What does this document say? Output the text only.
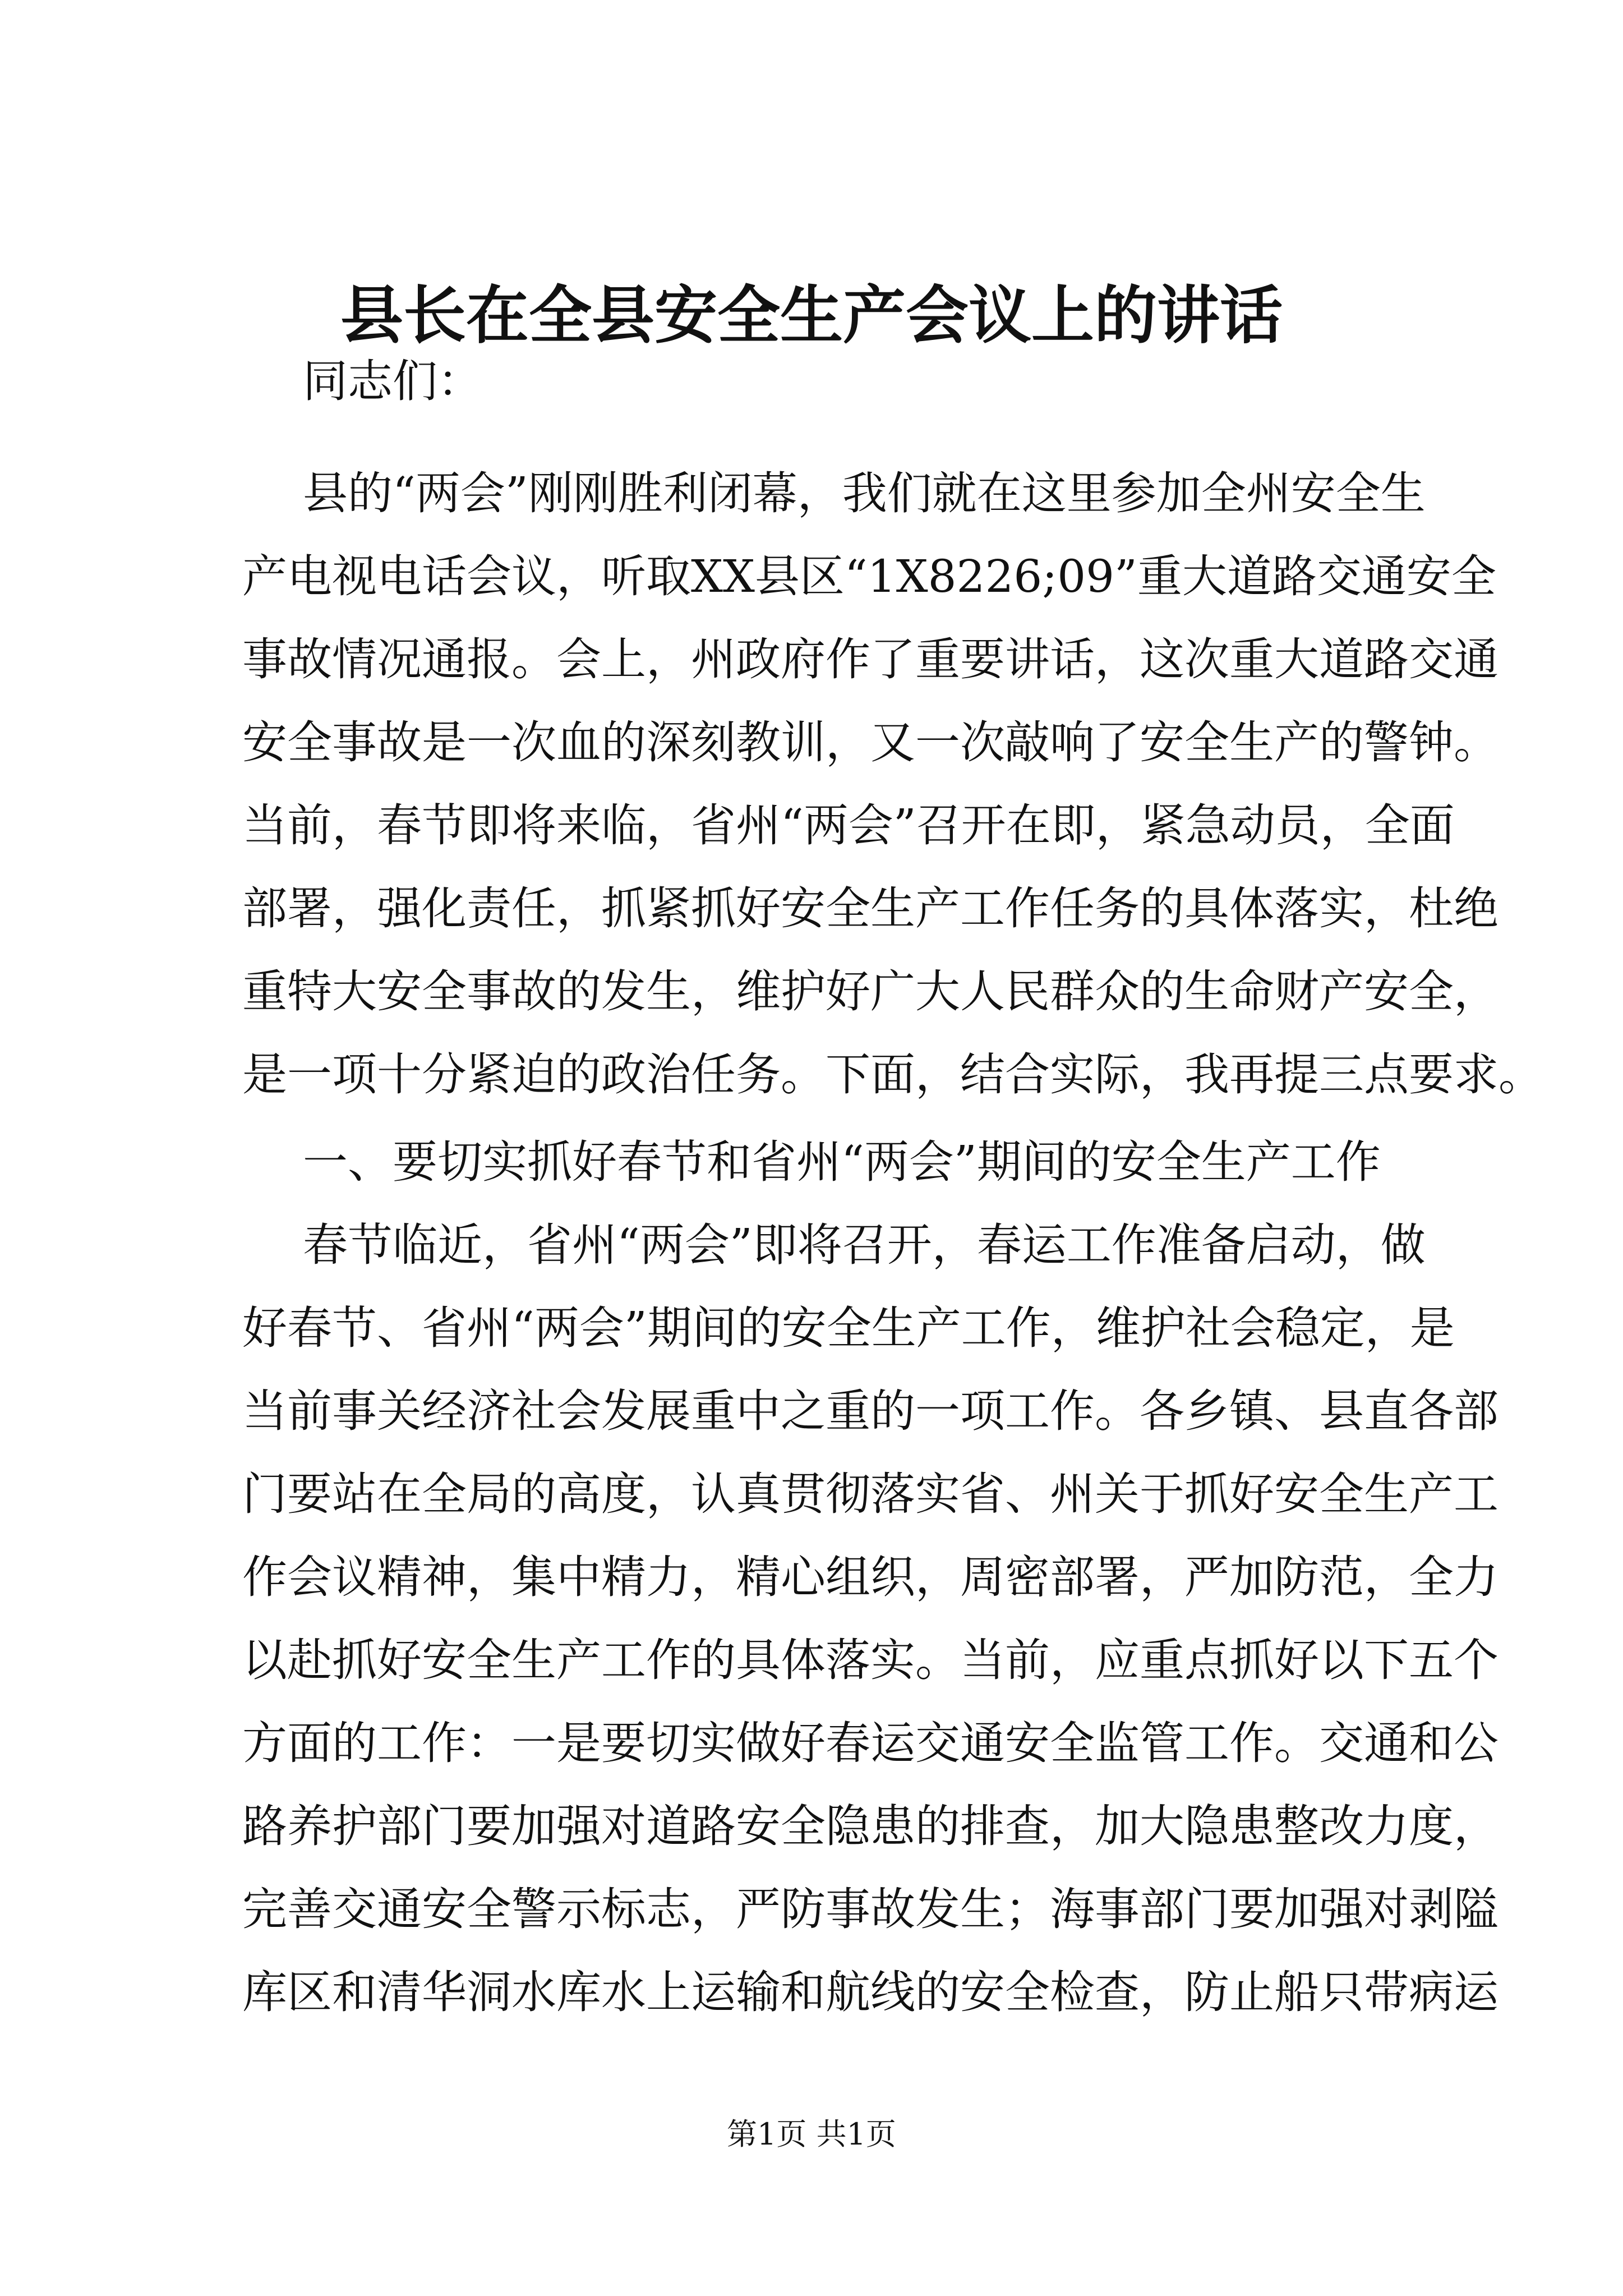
县长在全县安全生产会议上的讲话

同志们：

县的“两会”刚刚胜利闭幕，我们就在这里参加全州安全生

产电视电话会议，听取XX县区“1X8226;09”重大道路交通安全

事故情况通报。会上，州政府作了重要讲话，这次重大道路交通

安全事故是一次血的深刻教训，又一次敲响了安全生产的警钟。

当前，春节即将来临，省州“两会”召开在即，紧急动员，全面

部署，强化责任，抓紧抓好安全生产工作任务的具体落实，杜绝

重特大安全事故的发生，维护好广大人民群众的生命财产安全，

是一项十分紧迫的政治任务。下面，结合实际，我再提三点要求。

一、要切实抓好春节和省州“两会”期间的安全生产工作

春节临近，省州“两会”即将召开，春运工作准备启动，做

好春节、省州“两会”期间的安全生产工作，维护社会稳定，是

当前事关经济社会发展重中之重的一项工作。各乡镇、县直各部

门要站在全局的高度，认真贯彻落实省、州关于抓好安全生产工

作会议精神，集中精力，精心组织，周密部署，严加防范，全力

以赴抓好安全生产工作的具体落实。当前，应重点抓好以下五个

方面的工作：一是要切实做好春运交通安全监管工作。交通和公

路养护部门要加强对道路安全隐患的排查，加大隐患整改力度，

完善交通安全警示标志，严防事故发生；海事部门要加强对剥隘

库区和清华洞水库水上运输和航线的安全检查，防止船只带病运

第1页 共1页
